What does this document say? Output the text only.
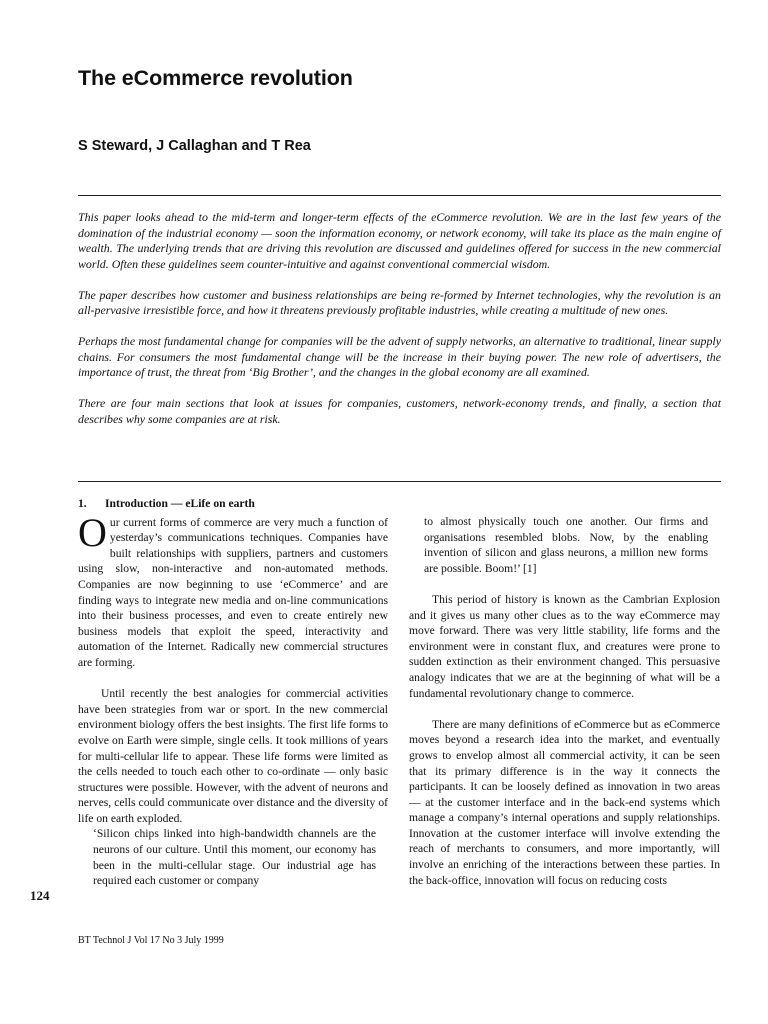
The eCommerce revolution
S Steward, J Callaghan and T Rea

This paper looks ahead to the mid-term and longer-term effects of the eCommerce revolution. We are in the last few years of the domination of the industrial economy — soon the information economy, or network economy, will take its place as the main engine of wealth. The underlying trends that are driving this revolution are discussed and guidelines offered for success in the new commercial world. Often these guidelines seem counter-intuitive and against conventional commercial wisdom.

The paper describes how customer and business relationships are being re-formed by Internet technologies, why the revolution is an all-pervasive irresistible force, and how it threatens previously profitable industries, while creating a multitude of new ones.

Perhaps the most fundamental change for companies will be the advent of supply networks, an alternative to traditional, linear supply chains. For consumers the most fundamental change will be the increase in their buying power. The new role of advertisers, the importance of trust, the threat from ‘Big Brother’, and the changes in the global economy are all examined.

There are four main sections that look at issues for companies, customers, network-economy trends, and finally, a section that describes why some companies are at risk.

1. Introduction — eLife on earth

Our current forms of commerce are very much a function of yesterday’s communications techniques. Companies have built relationships with suppliers, partners and customers using slow, non-interactive and non-automated methods. Companies are now beginning to use ‘eCommerce’ and are finding ways to integrate new media and on-line communications into their business processes, and even to create entirely new business models that exploit the speed, interactivity and automation of the Internet. Radically new commercial structures are forming.

Until recently the best analogies for commercial activities have been strategies from war or sport. In the new commercial environment biology offers the best insights. The first life forms to evolve on Earth were simple, single cells. It took millions of years for multi-cellular life to appear. These life forms were limited as the cells needed to touch each other to co-ordinate — only basic structures were possible. However, with the advent of neurons and nerves, cells could communicate over distance and the diversity of life on earth exploded.

‘Silicon chips linked into high-bandwidth channels are the neurons of our culture. Until this moment, our economy has been in the multi-cellular stage. Our industrial age has required each customer or company

to almost physically touch one another. Our firms and organisations resembled blobs. Now, by the enabling invention of silicon and glass neurons, a million new forms are possible. Boom!’ [1]

This period of history is known as the Cambrian Explosion and it gives us many other clues as to the way eCommerce may move forward. There was very little stability, life forms and the environment were in constant flux, and creatures were prone to sudden extinction as their environment changed. This persuasive analogy indicates that we are at the beginning of what will be a fundamental revolutionary change to commerce.

There are many definitions of eCommerce but as eCommerce moves beyond a research idea into the market, and eventually grows to envelop almost all commercial activity, it can be seen that its primary difference is in the way it connects the participants. It can be loosely defined as innovation in two areas — at the customer interface and in the back-end systems which manage a company’s internal operations and supply relationships. Innovation at the customer interface will involve extending the reach of merchants to consumers, and more importantly, will involve an enriching of the interactions between these parties. In the back-office, innovation will focus on reducing costs

124

BT Technol J Vol 17 No 3 July 1999
